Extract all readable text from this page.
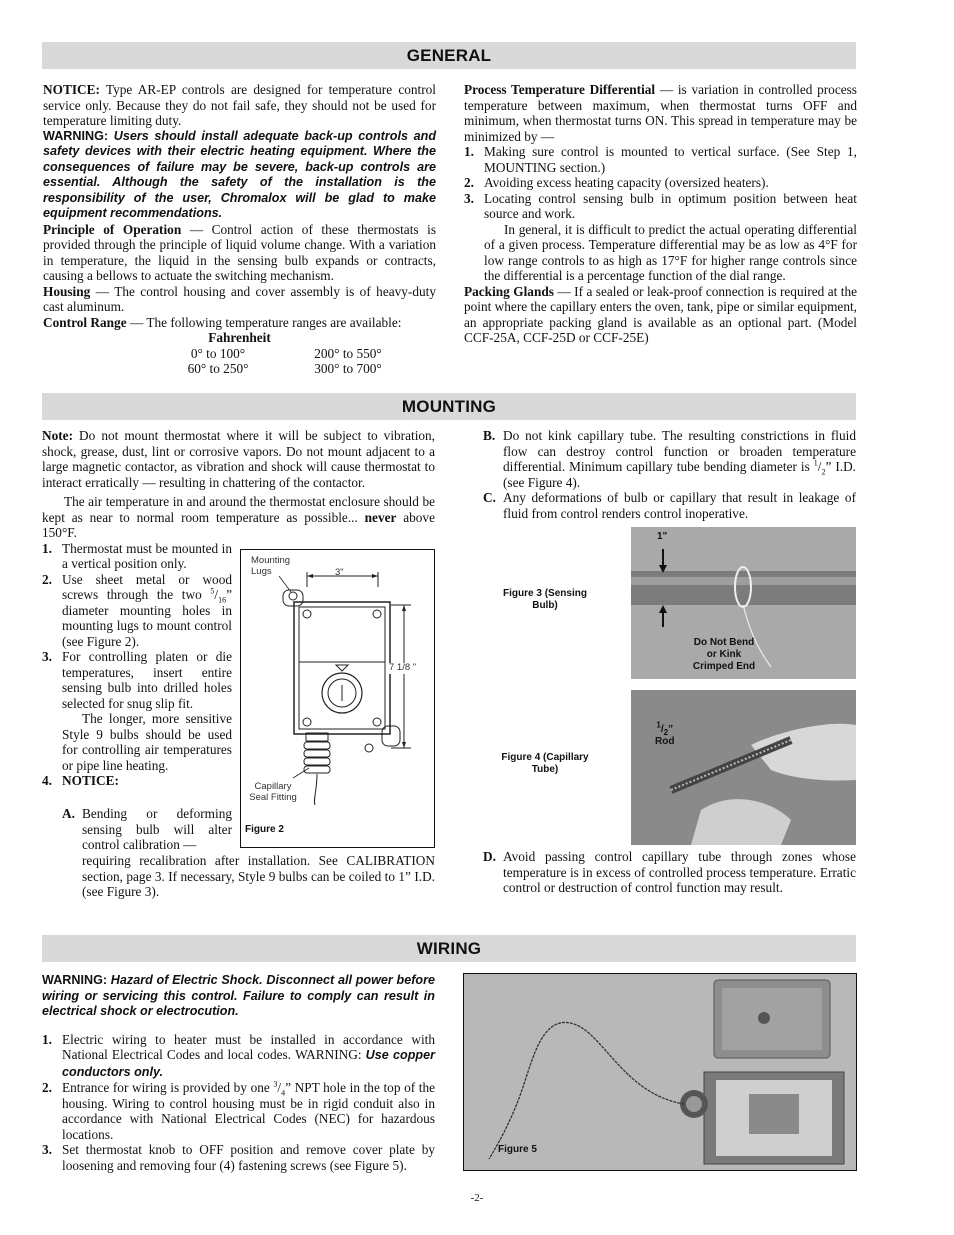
GENERAL

NOTICE: Type AR-EP controls are designed for temperature control service only. Because they do not fail safe, they should not be used for temperature limiting duty.

WARNING: Users should install adequate back-up controls and safety devices with their electric heating equipment. Where the consequences of failure may be severe, back-up controls are essential. Although the safety of the installation is the responsibility of the user, Chromalox will be glad to make equipment recommendations.

Principle of Operation — Control action of these thermostats is provided through the principle of liquid volume change. With a variation in temperature, the liquid in the sensing bulb expands or contracts, causing a bellows to actuate the switching mechanism.

Housing — The control housing and cover assembly is of heavy-duty cast aluminum.

Control Range — The following temperature ranges are available:

Fahrenheit
0° to 100°	200° to 550°
60° to 250°	300° to 700°

Process Temperature Differential — is variation in controlled process temperature between maximum, when thermostat turns OFF and minimum, when thermostat turns ON. This spread in temperature may be minimized by —

1. Making sure control is mounted to vertical surface. (See Step 1, MOUNTING section.)
2. Avoiding excess heating capacity (oversized heaters).
3. Locating control sensing bulb in optimum position between heat source and work.

In general, it is difficult to predict the actual operating differential of a given process. Temperature differential may be as low as 4°F for low range controls to as high as 17°F for higher range controls since the differential is a percentage function of the dial range.

Packing Glands — If a sealed or leak-proof connection is required at the point where the capillary enters the oven, tank, pipe or similar equipment, an appropriate packing gland is available as an optional part. (Model CCF-25A, CCF-25D or CCF-25E)

MOUNTING

Note: Do not mount thermostat where it will be subject to vibration, shock, grease, dust, lint or corrosive vapors. Do not mount adjacent to a large magnetic contactor, as vibration and shock will cause thermostat to interact erratically — resulting in chattering of the contactor.

The air temperature in and around the thermostat enclosure should be kept as near to normal room temperature as possible... never above 150°F.

1. Thermostat must be mounted in a vertical position only.
2. Use sheet metal or wood screws through the two $^5/_{16}$” diameter mounting holes in mounting lugs to mount control (see Figure 2).
3. For controlling platen or die temperatures, insert entire sensing bulb into drilled holes selected for snug slip fit.

The longer, more sensitive Style 9 bulbs should be used for controlling air temperatures or pipe line heating.

4. NOTICE:
A. Bending or deforming sensing bulb will alter control calibration —
requiring recalibration after installation. See CALIBRATION section, page 3. If necessary, Style 9 bulbs can be coiled to 1” I.D. (see Figure 3).
Mounting Lugs	3"
7 1/8 "
Capillary Seal Fitting
Figure 2
B. Do not kink capillary tube. The resulting constrictions in fluid flow can destroy control function or broaden temperature differential. Minimum capillary tube bending diameter is $^1/_2$” I.D. (see Figure 4).
C. Any deformations of bulb or capillary that result in leakage of fluid from control renders control inoperative.
Figure 3 (Sensing Bulb)
1"
Do Not Bend or Kink Crimped End
Figure 4 (Capillary Tube)
$^1/_2$”
Rod
D. Avoid passing control capillary tube through zones whose temperature is in excess of controlled process temperature. Erratic control or destruction of control function may result.
WIRING

WARNING: Hazard of Electric Shock. Disconnect all power before wiring or servicing this control. Failure to comply can result in electrical shock or electrocution.

1. Electric wiring to heater must be installed in accordance with National Electrical Codes and local codes. WARNING: Use copper conductors only.
2. Entrance for wiring is provided by one $^3/_4$” NPT hole in the top of the housing. Wiring to control housing must be in rigid conduit also in accordance with National Electrical Codes (NEC) for hazardous locations.
3. Set thermostat knob to OFF position and remove cover plate by loosening and removing four (4) fastening screws (see Figure 5).
Figure 5
-2-
